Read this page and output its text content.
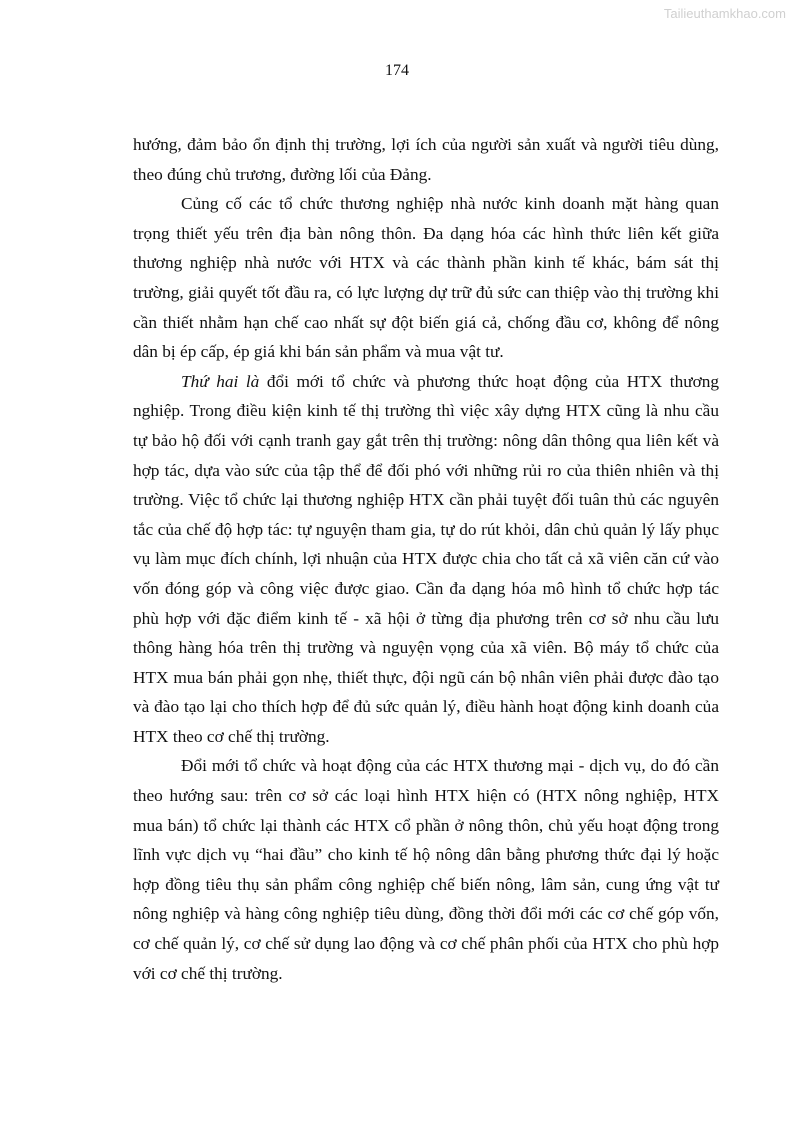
Tailieuthamkhao.com
174

hướng, đảm bảo ổn định thị trường, lợi ích của người sản xuất và người tiêu dùng,
theo đúng chủ trương, đường lối của Đảng.

Củng cố các tổ chức thương nghiệp nhà nước kinh doanh mặt hàng quan
trọng thiết yếu trên địa bàn nông thôn. Đa dạng hóa các hình thức liên kết giữa
thương nghiệp nhà nước với HTX và các thành phần kinh tế khác, bám sát thị
trường, giải quyết tốt đầu ra, có lực lượng dự trữ đủ sức can thiệp vào thị trường khi
cần thiết nhằm hạn chế cao nhất sự đột biến giá cả, chống đầu cơ, không để nông
dân bị ép cấp, ép giá khi bán sản phẩm và mua vật tư.

Thứ hai là đổi mới tổ chức và phương thức hoạt động của HTX thương
nghiệp. Trong điều kiện kinh tế thị trường thì việc xây dựng HTX cũng là nhu cầu
tự bảo hộ đối với cạnh tranh gay gắt trên thị trường: nông dân thông qua liên kết và
hợp tác, dựa vào sức của tập thể để đối phó với những rủi ro của thiên nhiên và thị
trường. Việc tổ chức lại thương nghiệp HTX cần phải tuyệt đối tuân thủ các nguyên
tắc của chế độ hợp tác: tự nguyện tham gia, tự do rút khỏi, dân chủ quản lý lấy phục
vụ làm mục đích chính, lợi nhuận của HTX được chia cho tất cả xã viên căn cứ vào
vốn đóng góp và công việc được giao. Cần đa dạng hóa mô hình tổ chức hợp tác
phù hợp với đặc điểm kinh tế - xã hội ở từng địa phương trên cơ sở nhu cầu lưu
thông hàng hóa trên thị trường và nguyện vọng của xã viên. Bộ máy tổ chức của
HTX mua bán phải gọn nhẹ, thiết thực, đội ngũ cán bộ nhân viên phải được đào tạo
và đào tạo lại cho thích hợp để đủ sức quản lý, điều hành hoạt động kinh doanh của
HTX theo cơ chế thị trường.

Đổi mới tổ chức và hoạt động của các HTX thương mại - dịch vụ, do đó cần
theo hướng sau: trên cơ sở các loại hình HTX hiện có (HTX nông nghiệp, HTX
mua bán) tổ chức lại thành các HTX cổ phần ở nông thôn, chủ yếu hoạt động trong
lĩnh vực dịch vụ “hai đầu” cho kinh tế hộ nông dân bằng phương thức đại lý hoặc
hợp đồng tiêu thụ sản phẩm công nghiệp chế biến nông, lâm sản, cung ứng vật tư
nông nghiệp và hàng công nghiệp tiêu dùng, đồng thời đổi mới các cơ chế góp vốn,
cơ chế quản lý, cơ chế sử dụng lao động và cơ chế phân phối của HTX cho phù hợp
với cơ chế thị trường.
